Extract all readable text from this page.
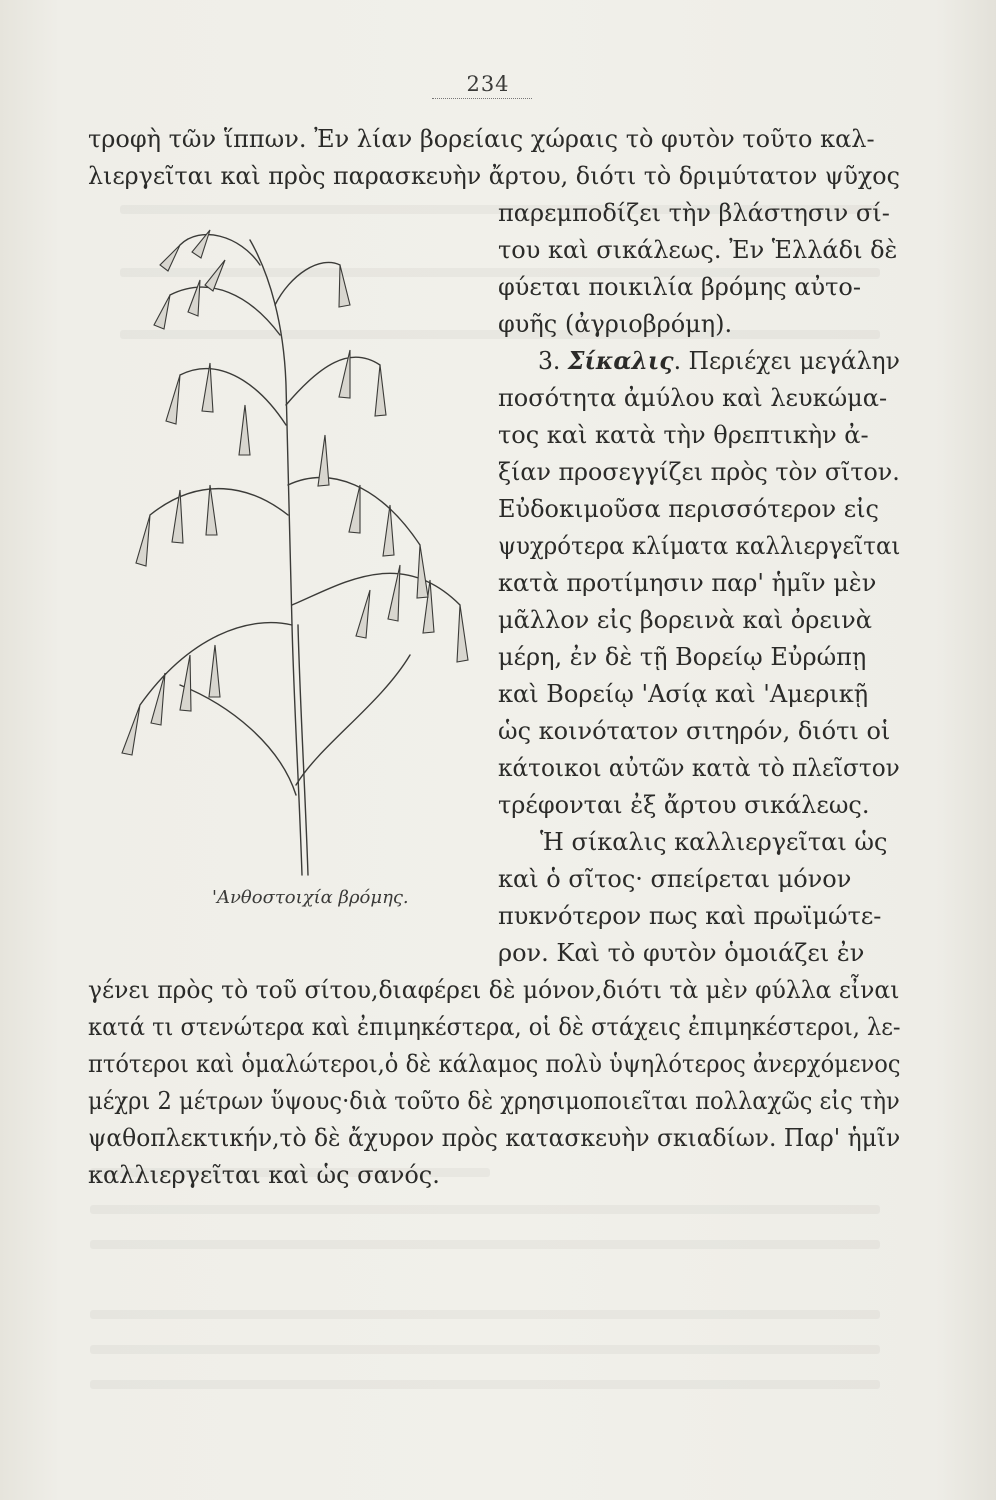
234
τροφὴ τῶν ἵππων. Ἐν λίαν βορείαις χώραις τὸ φυτὸν τοῦτο καλ-
λιεργεῖται καὶ πρὸς παρασκευὴν ἄρτου, διότι τὸ δριμύτατον ψῦχος
'Ανθοστοιχία βρόμης.
παρεμποδίζει τὴν βλάστησιν σί-
του καὶ σικάλεως. Ἐν Ἑλλάδι δὲ
φύεται ποικιλία βρόμης αὐτο-
φυῆς (ἀγριοβρόμη).
3. Σίκαλις. Περιέχει μεγάλην
ποσότητα ἀμύλου καὶ λευκώμα-
τος καὶ κατὰ τὴν θρεπτικὴν ἀ-
ξίαν προσεγγίζει πρὸς τὸν σῖτον.
Εὐδοκιμοῦσα περισσότερον εἰς
ψυχρότερα κλίματα καλλιεργεῖται
κατὰ προτίμησιν παρ' ἡμῖν μὲν
μᾶλλον εἰς βορεινὰ καὶ ὀρεινὰ
μέρη, ἐν δὲ τῇ Βορείῳ Εὐρώπῃ
καὶ Βορείῳ 'Ασίᾳ καὶ 'Αμερικῇ
ὡς κοινότατον σιτηρόν, διότι οἱ
κάτοικοι αὐτῶν κατὰ τὸ πλεῖστον
τρέφονται ἐξ ἄρτου σικάλεως.
Ἡ σίκαλις καλλιεργεῖται ὡς
καὶ ὁ σῖτος· σπείρεται μόνον
πυκνότερον πως καὶ πρωϊμώτε-
ρον. Καὶ τὸ φυτὸν ὁμοιάζει ἐν
γένει πρὸς τὸ τοῦ σίτου,διαφέρει δὲ μόνον,διότι τὰ μὲν φύλλα εἶναι
κατά τι στενώτερα καὶ ἐπιμηκέστερα, οἱ δὲ στάχεις ἐπιμηκέστεροι, λε-
πτότεροι καὶ ὁμαλώτεροι,ὁ δὲ κάλαμος πολὺ ὑψηλότερος ἀνερχόμενος
μέχρι 2 μέτρων ὕψους·διὰ τοῦτο δὲ χρησιμοποιεῖται πολλαχῶς εἰς τὴν
ψαθοπλεκτικήν,τὸ δὲ ἄχυρον πρὸς κατασκευὴν σκιαδίων. Παρ' ἡμῖν
καλλιεργεῖται καὶ ὡς σανός.
